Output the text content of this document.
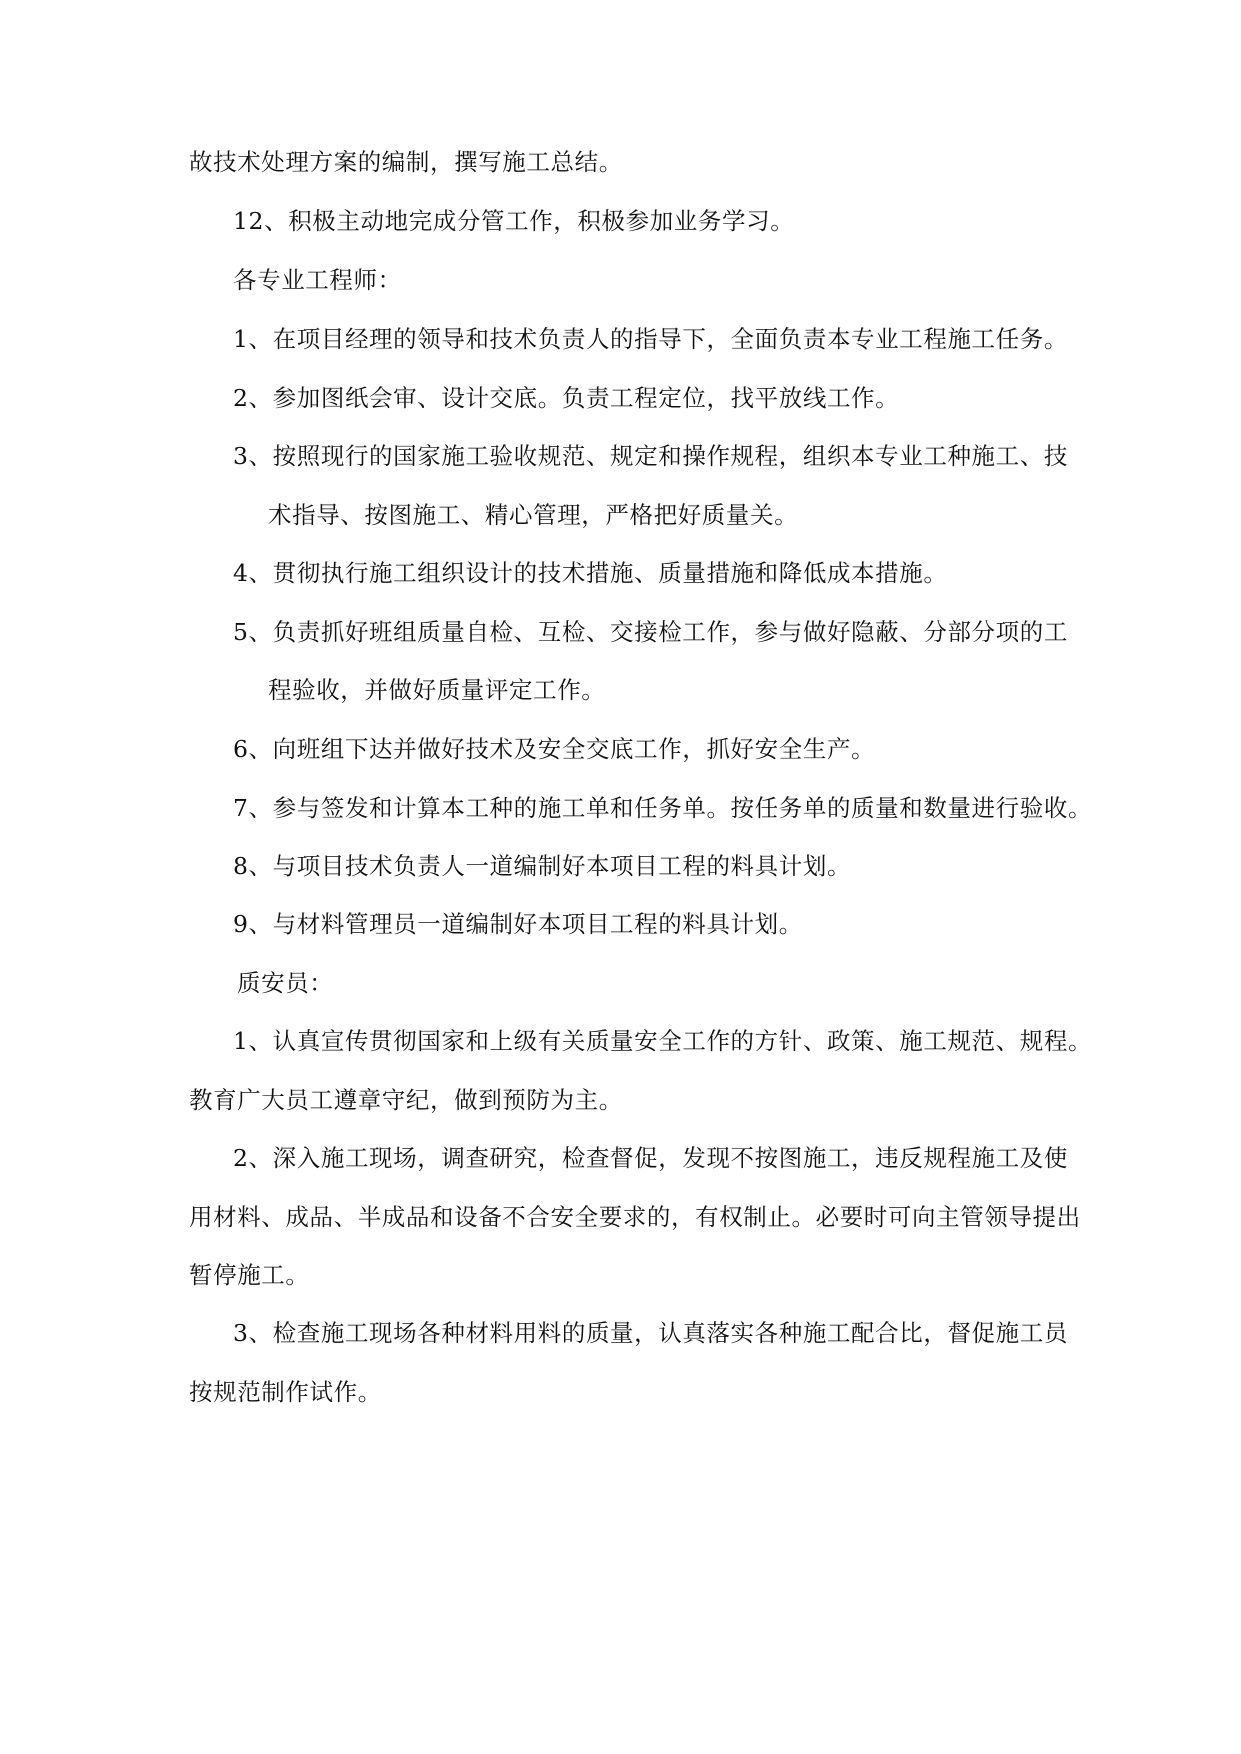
故技术处理方案的编制，撰写施工总结。

12、积极主动地完成分管工作，积极参加业务学习。

各专业工程师：

1、在项目经理的领导和技术负责人的指导下，全面负责本专业工程施工任务。

2、参加图纸会审、设计交底。负责工程定位，找平放线工作。

3、按照现行的国家施工验收规范、规定和操作规程，组织本专业工种施工、技

术指导、按图施工、精心管理，严格把好质量关。

4、贯彻执行施工组织设计的技术措施、质量措施和降低成本措施。

5、负责抓好班组质量自检、互检、交接检工作，参与做好隐蔽、分部分项的工

程验收，并做好质量评定工作。

6、向班组下达并做好技术及安全交底工作，抓好安全生产。

7、参与签发和计算本工种的施工单和任务单。按任务单的质量和数量进行验收。

8、与项目技术负责人一道编制好本项目工程的料具计划。

9、与材料管理员一道编制好本项目工程的料具计划。

质安员：

1、认真宣传贯彻国家和上级有关质量安全工作的方针、政策、施工规范、规程。

教育广大员工遵章守纪，做到预防为主。

2、深入施工现场，调查研究，检查督促，发现不按图施工，违反规程施工及使

用材料、成品、半成品和设备不合安全要求的，有权制止。必要时可向主管领导提出

暂停施工。

3、检查施工现场各种材料用料的质量，认真落实各种施工配合比，督促施工员

按规范制作试作。
